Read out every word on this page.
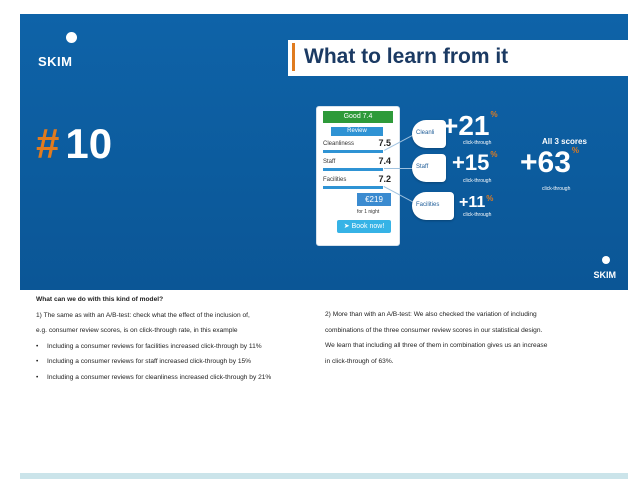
SKIM	What to learn from it
# 10
Good 7.4
Review
Cleanliness	7.5
Staff	7.4
Facilities	7.2
€219
for 1 night
➤ Book now!
Cleanli +21%
click-through
Staff +15%
click-through
Facilities +11%
click-through
All 3 scores
+63%
click-through
SKIM
What can we do with this kind of model?
1) The same as with an A/B-test: check what the effect of the inclusion of,
e.g. consumer review scores, is on click-through rate, in this example
• Including a consumer reviews for facilities increased click-through by 11%
• Including a consumer reviews for staff increased click-through by 15%
• Including a consumer reviews for cleanliness increased click-through by 21%
2) More than with an A/B-test: We also checked the variation of including
combinations of the three consumer review scores in our statistical design.
We learn that including all three of them in combination gives us an increase
in click-through of 63%.
